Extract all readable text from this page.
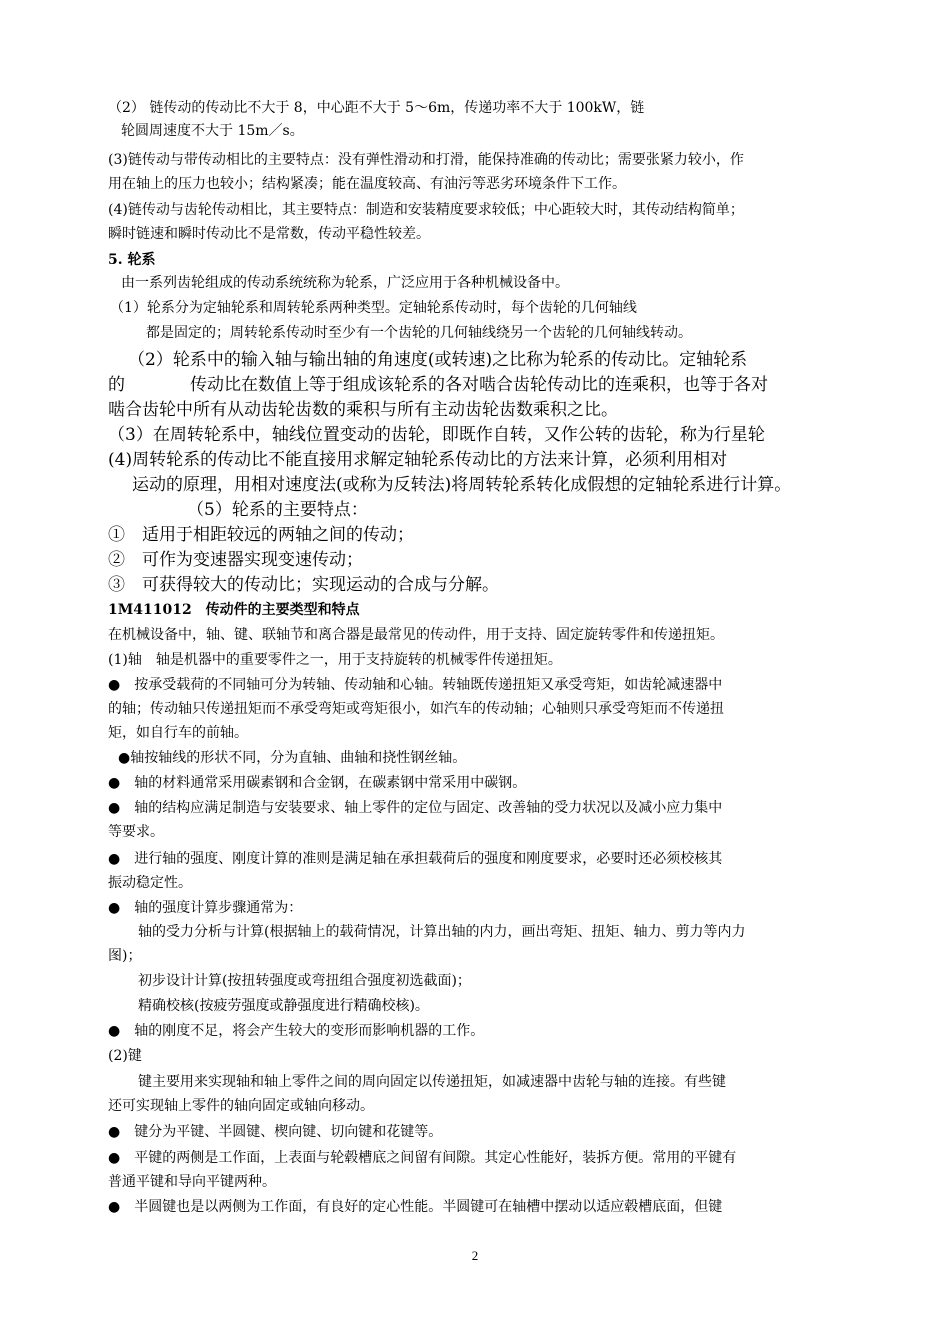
（2） 链传动的传动比不大于 8，中心距不大于 5～6m，传递功率不大于 100kW，链
轮圆周速度不大于 15m／s。
(3)链传动与带传动相比的主要特点：没有弹性滑动和打滑，能保持准确的传动比；需要张紧力较小，作
用在轴上的压力也较小；结构紧凑；能在温度较高、有油污等恶劣环境条件下工作。
(4)链传动与齿轮传动相比，其主要特点：制造和安装精度要求较低；中心距较大时，其传动结构简单；
瞬时链速和瞬时传动比不是常数，传动平稳性较差。
5. 轮系
由一系列齿轮组成的传动系统统称为轮系，广泛应用于各种机械设备中。
（1）轮系分为定轴轮系和周转轮系两种类型。定轴轮系传动时，每个齿轮的几何轴线
都是固定的；周转轮系传动时至少有一个齿轮的几何轴线绕另一个齿轮的几何轴线转动。
（2）轮系中的输入轴与输出轴的角速度(或转速)之比称为轮系的传动比。定轴轮系
的	传动比在数值上等于组成该轮系的各对啮合齿轮传动比的连乘积，也等于各对
啮合齿轮中所有从动齿轮齿数的乘积与所有主动齿轮齿数乘积之比。
（3）在周转轮系中，轴线位置变动的齿轮，即既作自转，又作公转的齿轮，称为行星轮
(4)周转轮系的传动比不能直接用求解定轴轮系传动比的方法来计算，必须利用相对
运动的原理，用相对速度法(或称为反转法)将周转轮系转化成假想的定轴轮系进行计算。
（5）轮系的主要特点：
①　适用于相距较远的两轴之间的传动；
②　可作为变速器实现变速传动；
③　可获得较大的传动比；实现运动的合成与分解。
1M411012　传动件的主要类型和特点
在机械设备中，轴、键、联轴节和离合器是最常见的传动件，用于支持、固定旋转零件和传递扭矩。
(1)轴　轴是机器中的重要零件之一，用于支持旋转的机械零件传递扭矩。
●　按承受载荷的不同轴可分为转轴、传动轴和心轴。转轴既传递扭矩又承受弯矩，如齿轮减速器中
的轴；传动轴只传递扭矩而不承受弯矩或弯矩很小，如汽车的传动轴；心轴则只承受弯矩而不传递扭
矩，如自行车的前轴。
●轴按轴线的形状不同，分为直轴、曲轴和挠性钢丝轴。
●　轴的材料通常采用碳素钢和合金钢，在碳素钢中常采用中碳钢。
●　轴的结构应满足制造与安装要求、轴上零件的定位与固定、改善轴的受力状况以及减小应力集中
等要求。
●　进行轴的强度、刚度计算的准则是满足轴在承担载荷后的强度和刚度要求，必要时还必须校核其
振动稳定性。
●　轴的强度计算步骤通常为：
轴的受力分析与计算(根据轴上的载荷情况，计算出轴的内力，画出弯矩、扭矩、轴力、剪力等内力
图)；
初步设计计算(按扭转强度或弯扭组合强度初选截面)；
精确校核(按疲劳强度或静强度进行精确校核)。
●　轴的刚度不足，将会产生较大的变形而影响机器的工作。
(2)键
键主要用来实现轴和轴上零件之间的周向固定以传递扭矩，如减速器中齿轮与轴的连接。有些键
还可实现轴上零件的轴向固定或轴向移动。
●　键分为平键、半圆键、楔向键、切向键和花键等。
●　平键的两侧是工作面，上表面与轮毂槽底之间留有间隙。其定心性能好，装拆方便。常用的平键有
普通平键和导向平键两种。
●　半圆键也是以两侧为工作面，有良好的定心性能。半圆键可在轴槽中摆动以适应毂槽底面，但键
2
